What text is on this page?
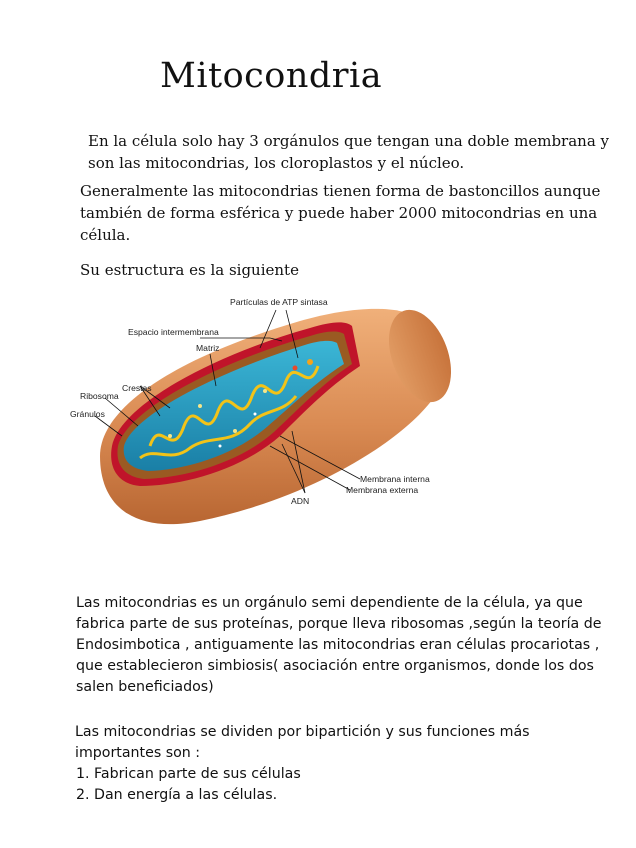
Mitocondria

En la célula solo hay 3 orgánulos que tengan una doble membrana y son las mitocondrias, los cloroplastos y el núcleo.

Generalmente las mitocondrias tienen forma de bastoncillos aunque también de forma esférica y puede haber 2000 mitocondrias en una célula.

Su estructura es la siguiente

Partículas de ATP sintasa
Espacio intermembrana
Matriz
Crestas
Ribosoma
Gránulos
Membrana interna
Membrana externa
ADN

Las mitocondrias es un orgánulo semi dependiente de la célula, ya que fabrica parte de sus proteínas, porque lleva ribosomas ,según la teoría de Endosimbotica , antiguamente las mitocondrias eran células procariotas , que establecieron simbiosis( asociación entre organismos, donde los dos salen beneficiados)

Las mitocondrias se dividen por bipartición y sus funciones más importantes son :

1. Fabrican parte de sus células
2. Dan energía a las células.
